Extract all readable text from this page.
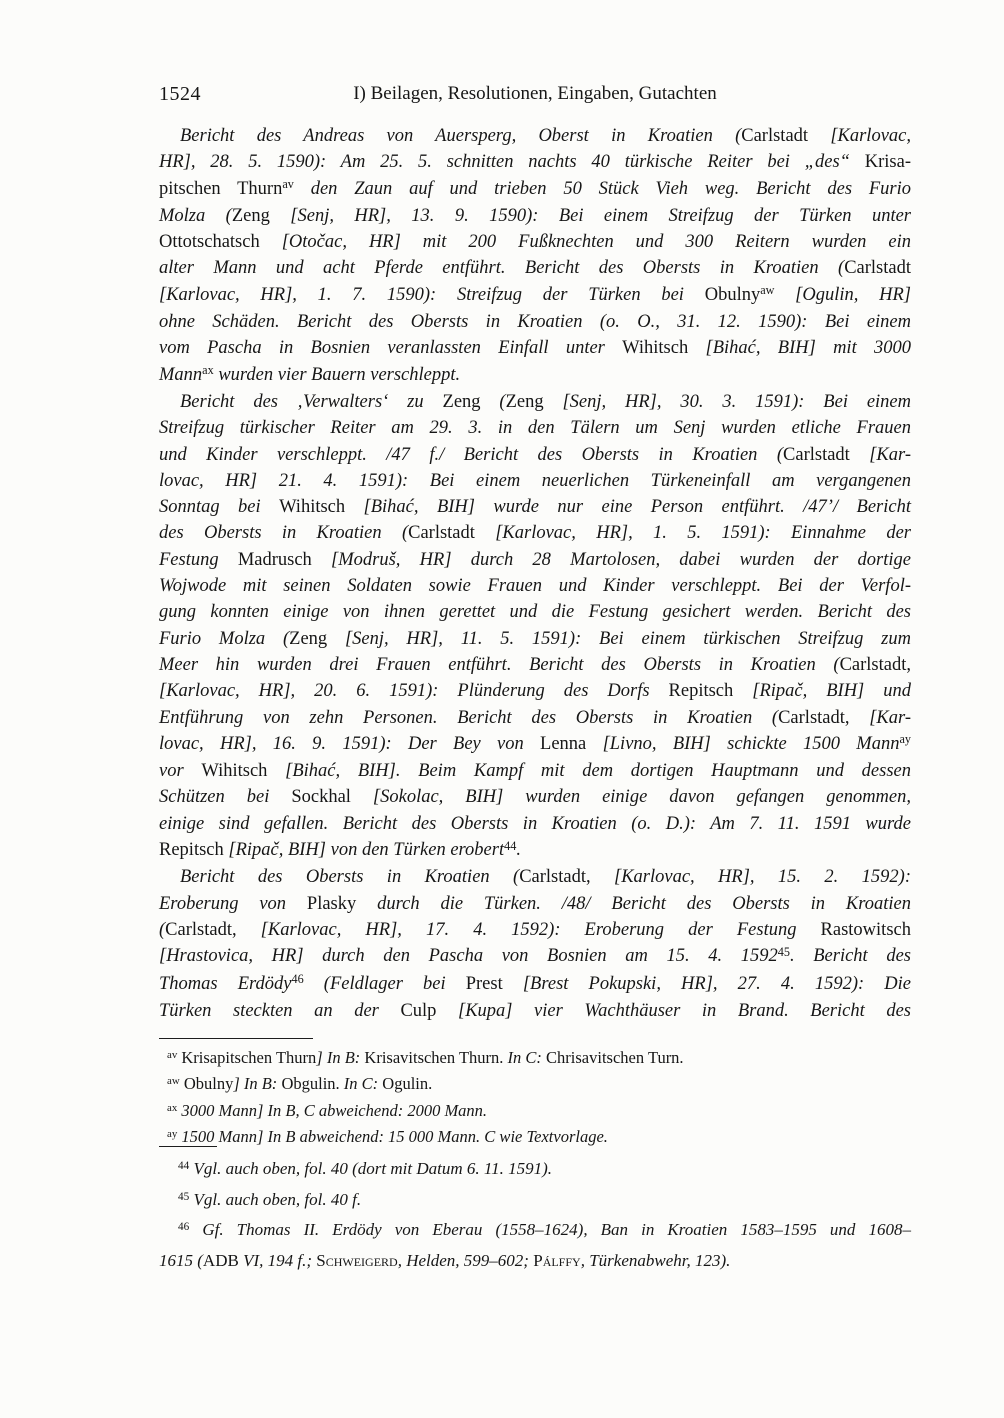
1524	I) Beilagen, Resolutionen, Eingaben, Gutachten
Bericht des Andreas von Auersperg, Oberst in Kroatien (Carlstadt [Karlovac,
HR], 28. 5. 1590): Am 25. 5. schnitten nachts 40 türkische Reiter bei „des“ Krisa-
pitschen Thurn$^{av}$ den Zaun auf und trieben 50 Stück Vieh weg. Bericht des Furio
Molza (Zeng [Senj, HR], 13. 9. 1590): Bei einem Streifzug der Türken unter
Ottotschatsch [Otočac, HR] mit 200 Fußknechten und 300 Reitern wurden ein
alter Mann und acht Pferde entführt. Bericht des Obersts in Kroatien (Carlstadt
[Karlovac, HR], 1. 7. 1590): Streifzug der Türken bei Obulny$^{aw}$ [Ogulin, HR]
ohne Schäden. Bericht des Obersts in Kroatien (o. O., 31. 12. 1590): Bei einem
vom Pascha in Bosnien veranlassten Einfall unter Wihitsch [Bihać, BIH] mit 3000
Mann$^{ax}$ wurden vier Bauern verschleppt.
Bericht des ‚Verwalters‘ zu Zeng (Zeng [Senj, HR], 30. 3. 1591): Bei einem
Streifzug türkischer Reiter am 29. 3. in den Tälern um Senj wurden etliche Frauen
und Kinder verschleppt. /47 f./ Bericht des Obersts in Kroatien (Carlstadt [Kar-
lovac, HR] 21. 4. 1591): Bei einem neuerlichen Türkeneinfall am vergangenen
Sonntag bei Wihitsch [Bihać, BIH] wurde nur eine Person entführt. /47’/ Bericht
des Obersts in Kroatien (Carlstadt [Karlovac, HR], 1. 5. 1591): Einnahme der
Festung Madrusch [Modruš, HR] durch 28 Martolosen, dabei wurden der dortige
Wojwode mit seinen Soldaten sowie Frauen und Kinder verschleppt. Bei der Verfol-
gung konnten einige von ihnen gerettet und die Festung gesichert werden. Bericht des
Furio Molza (Zeng [Senj, HR], 11. 5. 1591): Bei einem türkischen Streifzug zum
Meer hin wurden drei Frauen entführt. Bericht des Obersts in Kroatien (Carlstadt,
[Karlovac, HR], 20. 6. 1591): Plünderung des Dorfs Repitsch [Ripač, BIH] und
Entführung von zehn Personen. Bericht des Obersts in Kroatien (Carlstadt, [Kar-
lovac, HR], 16. 9. 1591): Der Bey von Lenna [Livno, BIH] schickte 1500 Mann$^{ay}$
vor Wihitsch [Bihać, BIH]. Beim Kampf mit dem dortigen Hauptmann und dessen
Schützen bei Sockhal [Sokolac, BIH] wurden einige davon gefangen genommen,
einige sind gefallen. Bericht des Obersts in Kroatien (o. D.): Am 7. 11. 1591 wurde
Repitsch [Ripač, BIH] von den Türken erobert$^{44}$.
Bericht des Obersts in Kroatien (Carlstadt, [Karlovac, HR], 15. 2. 1592):
Eroberung von Plasky durch die Türken. /48/ Bericht des Obersts in Kroatien
(Carlstadt, [Karlovac, HR], 17. 4. 1592): Eroberung der Festung Rastowitsch
[Hrastovica, HR] durch den Pascha von Bosnien am 15. 4. 1592$^{45}$. Bericht des
Thomas Erdödy$^{46}$ (Feldlager bei Prest [Brest Pokupski, HR], 27. 4. 1592): Die
Türken steckten an der Culp [Kupa] vier Wachthäuser in Brand. Bericht des
$^{av}$ Krisapitschen Thurn] In B: Krisavitschen Thurn. In C: Chrisavitschen Turn.
$^{aw}$ Obulny] In B: Obgulin. In C: Ogulin.
$^{ax}$ 3000 Mann] In B, C abweichend: 2000 Mann.
$^{ay}$ 1500 Mann] In B abweichend: 15 000 Mann. C wie Textvorlage.
$^{44}$ Vgl. auch oben, fol. 40 (dort mit Datum 6. 11. 1591).
$^{45}$ Vgl. auch oben, fol. 40 f.
$^{46}$ Gf. Thomas II. Erdödy von Eberau (1558–1624), Ban in Kroatien 1583–1595 und 1608–
1615 (ADB VI, 194 f.; Schweigerd, Helden, 599–602; Pálffy, Türkenabwehr, 123).
